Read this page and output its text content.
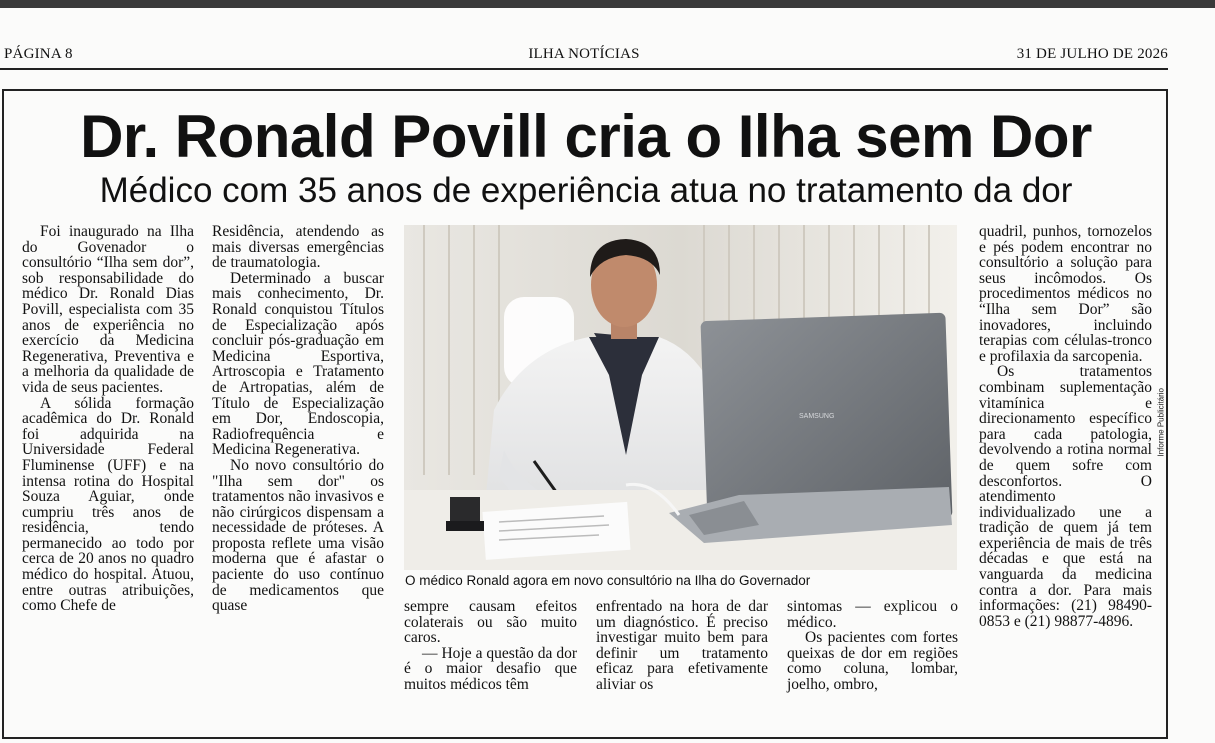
ILHA NOTÍCIAS
PÁGINA 8	31 DE JULHO DE 2026
Dr. Ronald Povill cria o Ilha sem Dor
Médico com 35 anos de experiência atua no tratamento da dor

Foi inaugurado na Ilha do Govenador o consultório “Ilha sem dor”, sob responsabilidade do médico Dr. Ronald Dias Povill, especialista com 35 anos de experiência no exercício da Medicina Regenerativa, Preventiva e a melhoria da qualidade de vida de seus pacientes.

A sólida formação acadêmica do Dr. Ronald foi adquirida na Universidade Federal Fluminense (UFF) e na intensa rotina do Hospital Souza Aguiar, onde cumpriu três anos de residência, tendo permanecido ao todo por cerca de 20 anos no quadro médico do hospital. Atuou, entre outras atribuições, como Chefe de

Residência, atendendo as mais diversas emergências de traumatologia.

Determinado a buscar mais conhecimento, Dr. Ronald conquistou Títulos de Especialização após concluir pós-graduação em Medicina Esportiva, Artroscopia e Tratamento de Artropatias, além de Título de Especialização em Dor, Endoscopia, Radiofrequência e Medicina Regenerativa.

No novo consultório do "Ilha sem dor" os tratamentos não invasivos e não cirúrgicos dispensam a necessidade de próteses. A proposta reflete uma visão moderna que é afastar o paciente do uso contínuo de medicamentos que quase

SAMSUNG
O médico Ronald agora em novo consultório na Ilha do Governador

sempre causam efeitos colaterais ou são muito caros.

— Hoje a questão da dor é o maior desafio que muitos médicos têm

enfrentado na hora de dar um diagnóstico. É preciso investigar muito bem para definir um tratamento eficaz para efetivamente aliviar os

sintomas — explicou o médico.

Os pacientes com fortes queixas de dor em regiões como coluna, lombar, joelho, ombro,

quadril, punhos, tornozelos e pés podem encontrar no consultório a solução para seus incômodos. Os procedimentos médicos no “Ilha sem Dor” são inovadores, incluindo terapias com células-tronco e profilaxia da sarcopenia.

Os tratamentos combinam suplementação vitamínica e direcionamento específico para cada patologia, devolvendo a rotina normal de quem sofre com desconfortos. O atendimento individualizado une a tradição de quem já tem experiência de mais de três décadas e que está na vanguarda da medicina contra a dor. Para mais informações: (21) 98490-0853 e (21) 98877-4896.

Informe Publicitário
